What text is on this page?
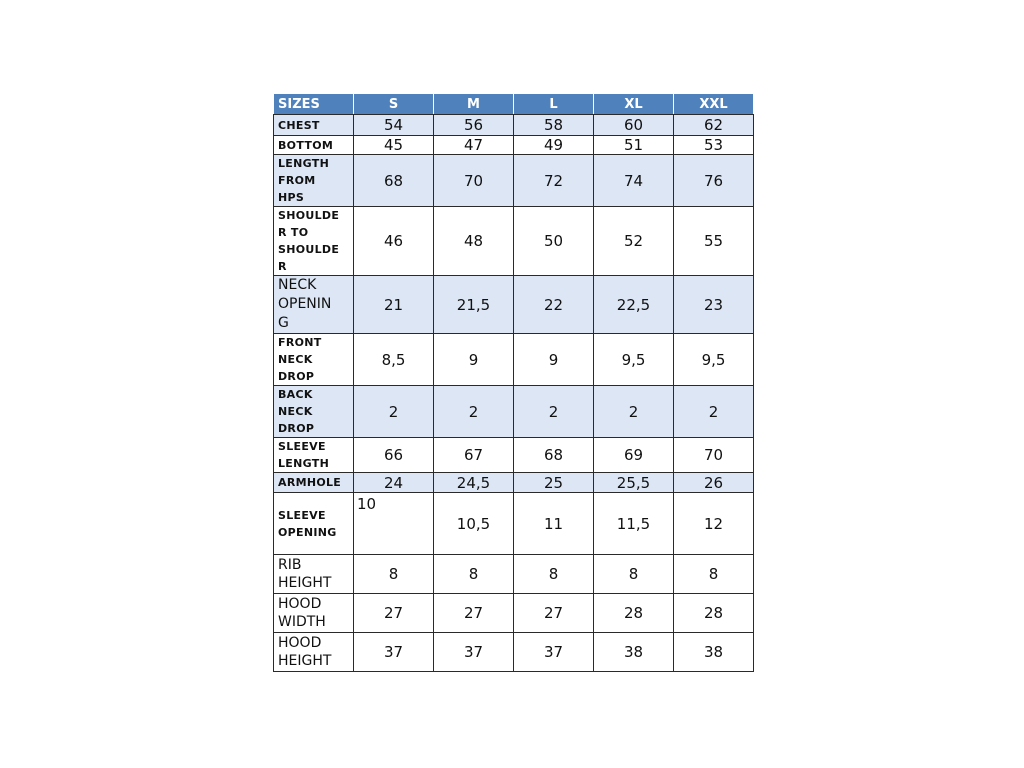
SIZES	S	M	L	XL	XXL
CHEST	54	56	58	60	62
BOTTOM	45	47	49	51	53
LENGTH
FROM
HPS	68	70	72	74	76
SHOULDE
R TO
SHOULDE
R	46	48	50	52	55
NECK
OPENIN
G	21	21,5	22	22,5	23
FRONT
NECK
DROP	8,5	9	9	9,5	9,5
BACK
NECK
DROP	2	2	2	2	2
SLEEVE
LENGTH	66	67	68	69	70
ARMHOLE	24	24,5	25	25,5	26
SLEEVE
OPENING	10	10,5	11	11,5	12
RIB
HEIGHT	8	8	8	8	8
HOOD
WIDTH	27	27	27	28	28
HOOD
HEIGHT	37	37	37	38	38
